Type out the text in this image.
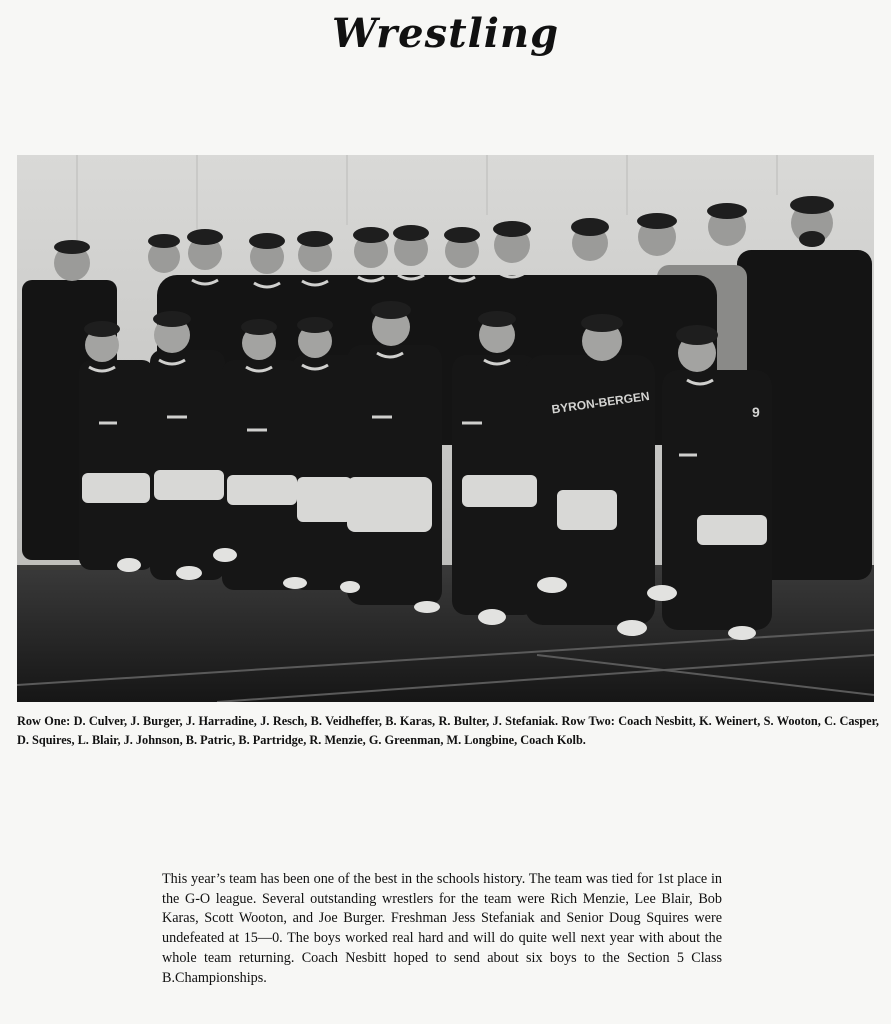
Wrestling
BYRON-BERGEN	9
Row One: D. Culver, J. Burger, J. Harradine, J. Resch, B. Veidheffer, B. Karas, R. Bulter, J. Stefaniak. Row Two: Coach Nesbitt, K. Weinert, S. Wooton, C. Casper, D. Squires, L. Blair, J. Johnson, B. Patric, B. Partridge, R. Menzie, G. Greenman, M. Longbine, Coach Kolb.
This year’s team has been one of the best in the schools history. The team was tied for 1st place in the G-O league. Several outstanding wrestlers for the team were Rich Menzie, Lee Blair, Bob Karas, Scott Wooton, and Joe Burger. Freshman Jess Stefaniak and Senior Doug Squires were undefeated at 15—0. The boys worked real hard and will do quite well next year with about the whole team returning. Coach Nesbitt hoped to send about six boys to the Section 5 Class B.Championships.
